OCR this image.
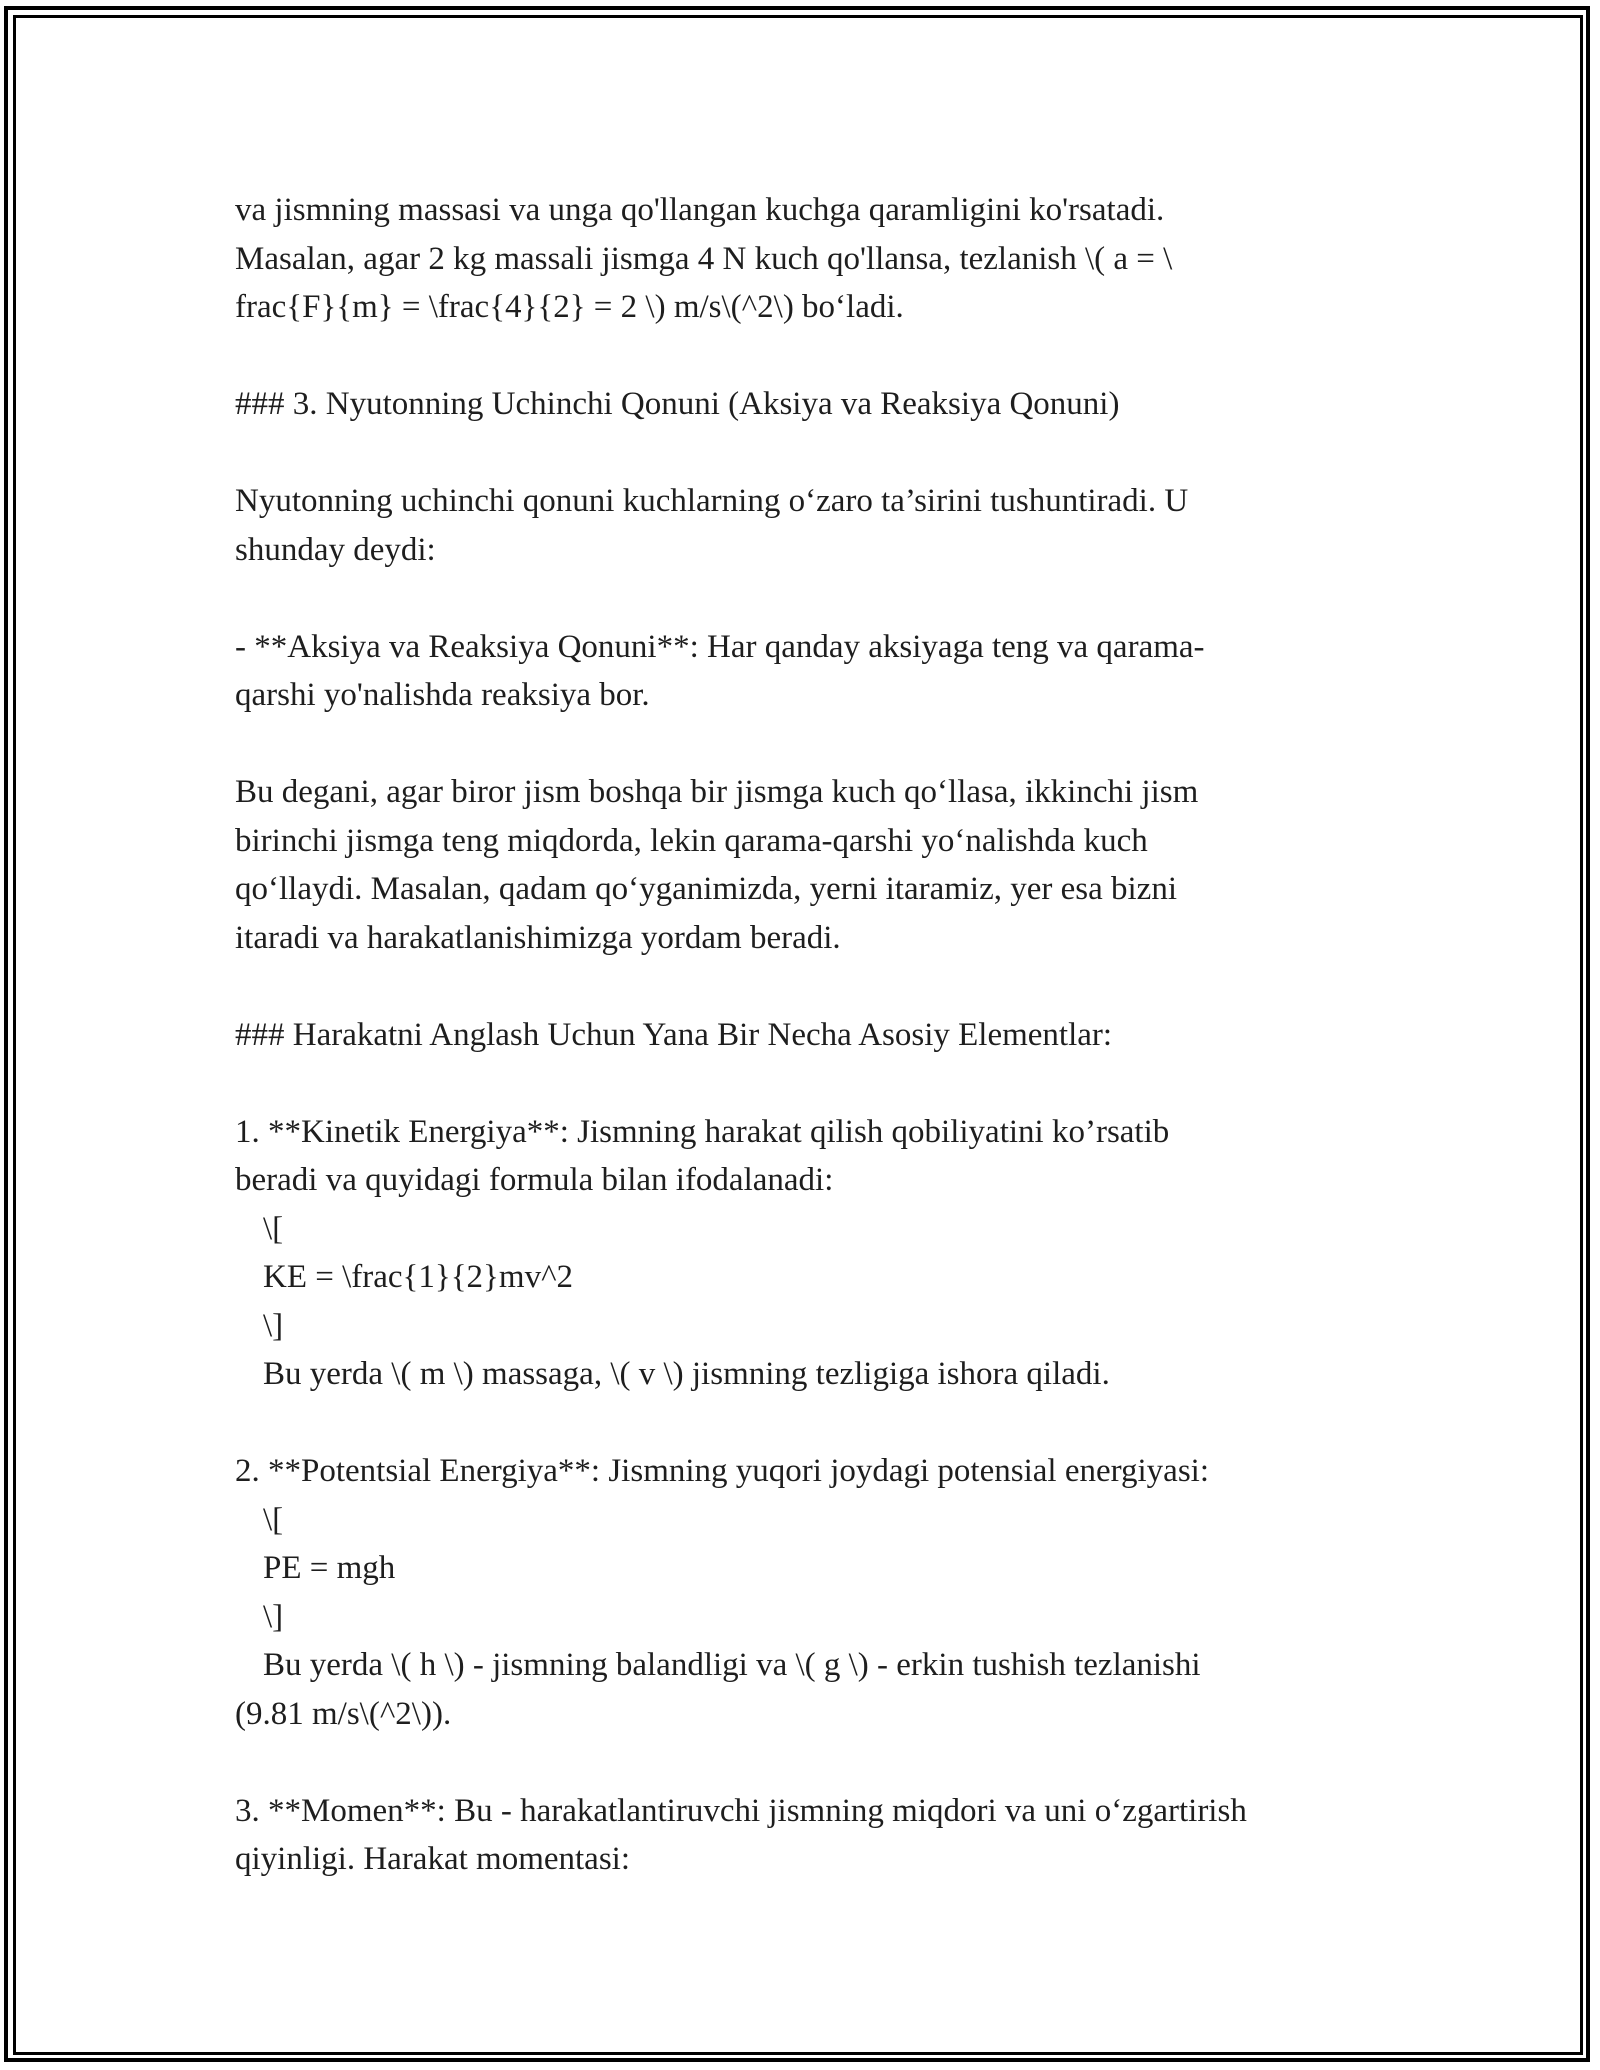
va jismning massasi va unga qo'llangan kuchga qaramligini ko'rsatadi.

Masalan, agar 2 kg massali jismga 4 N kuch qo'llansa, tezlanish \( a = \

frac{F}{m} = \frac{4}{2} = 2 \) m/s\(^2\) bo‘ladi.

### 3. Nyutonning Uchinchi Qonuni (Aksiya va Reaksiya Qonuni)

Nyutonning uchinchi qonuni kuchlarning o‘zaro ta’sirini tushuntiradi. U

shunday deydi:

- **Aksiya va Reaksiya Qonuni**: Har qanday aksiyaga teng va qarama-

qarshi yo'nalishda reaksiya bor.

Bu degani, agar biror jism boshqa bir jismga kuch qo‘llasa, ikkinchi jism

birinchi jismga teng miqdorda, lekin qarama-qarshi yo‘nalishda kuch

qo‘llaydi. Masalan, qadam qo‘yganimizda, yerni itaramiz, yer esa bizni

itaradi va harakatlanishimizga yordam beradi.

### Harakatni Anglash Uchun Yana Bir Necha Asosiy Elementlar:

1. **Kinetik Energiya**: Jismning harakat qilish qobiliyatini ko’rsatib

beradi va quyidagi formula bilan ifodalanadi:

\[

KE = \frac{1}{2}mv^2

\]

Bu yerda \( m \) massaga, \( v \) jismning tezligiga ishora qiladi.

2. **Potentsial Energiya**: Jismning yuqori joydagi potensial energiyasi:

\[

PE = mgh

\]

Bu yerda \( h \) - jismning balandligi va \( g \) - erkin tushish tezlanishi

(9.81 m/s\(^2\)).

3. **Momen**: Bu - harakatlantiruvchi jismning miqdori va uni o‘zgartirish

qiyinligi. Harakat momentasi:
